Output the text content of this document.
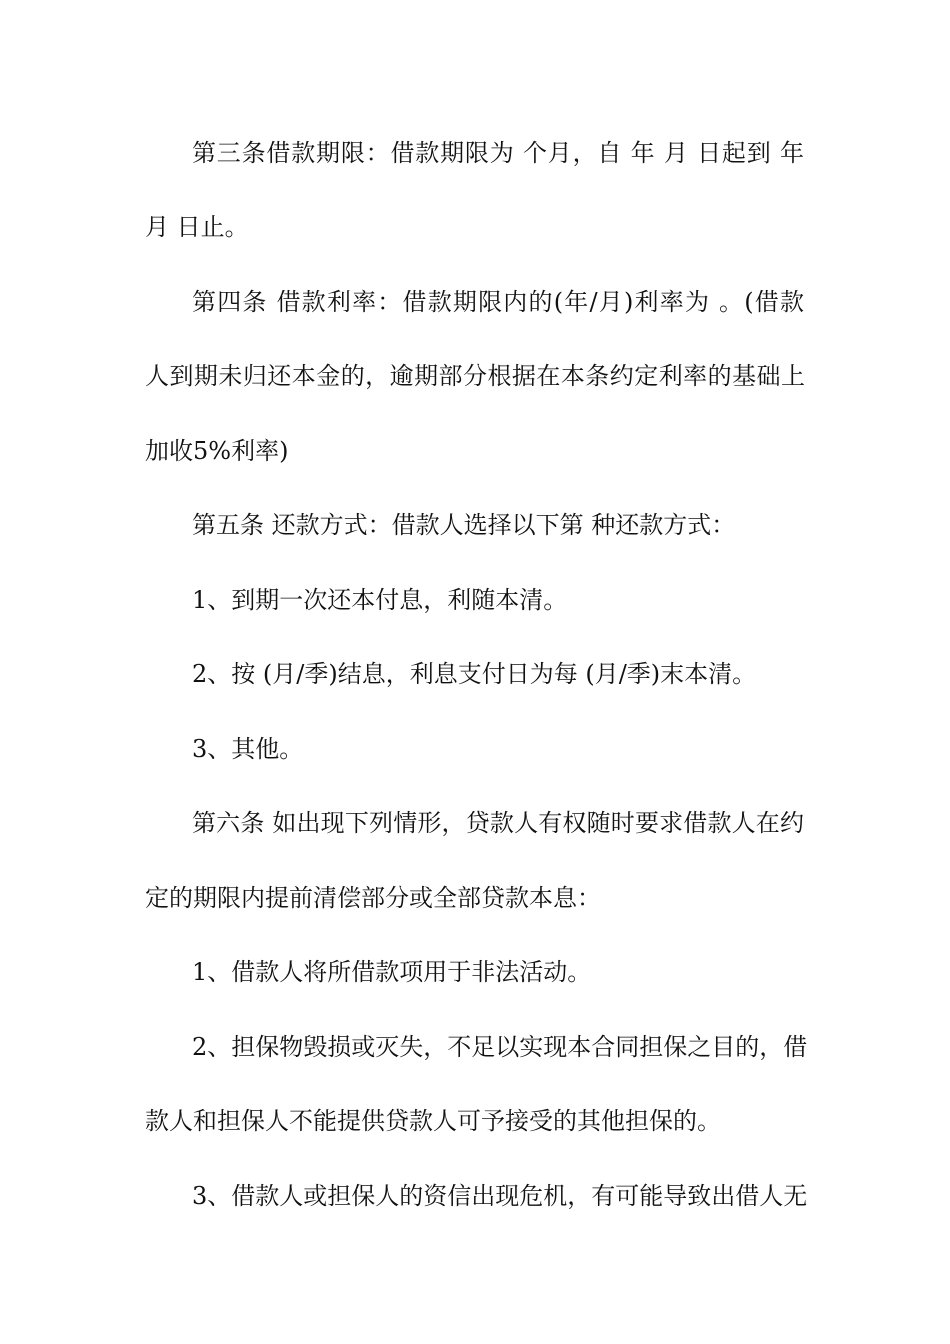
第三条借款期限：借款期限为 个月，自 年 月 日起到 年
月 日止。
第四条 借款利率：借款期限内的(年/月)利率为 。(借款
人到期未归还本金的，逾期部分根据在本条约定利率的基础上
加收5%利率)
第五条 还款方式：借款人选择以下第 种还款方式：
1、到期一次还本付息，利随本清。
2、按 (月/季)结息，利息支付日为每 (月/季)末本清。
3、其他。
第六条 如出现下列情形，贷款人有权随时要求借款人在约
定的期限内提前清偿部分或全部贷款本息：
1、借款人将所借款项用于非法活动。
2、担保物毁损或灭失，不足以实现本合同担保之目的，借
款人和担保人不能提供贷款人可予接受的其他担保的。
3、借款人或担保人的资信出现危机，有可能导致出借人无
